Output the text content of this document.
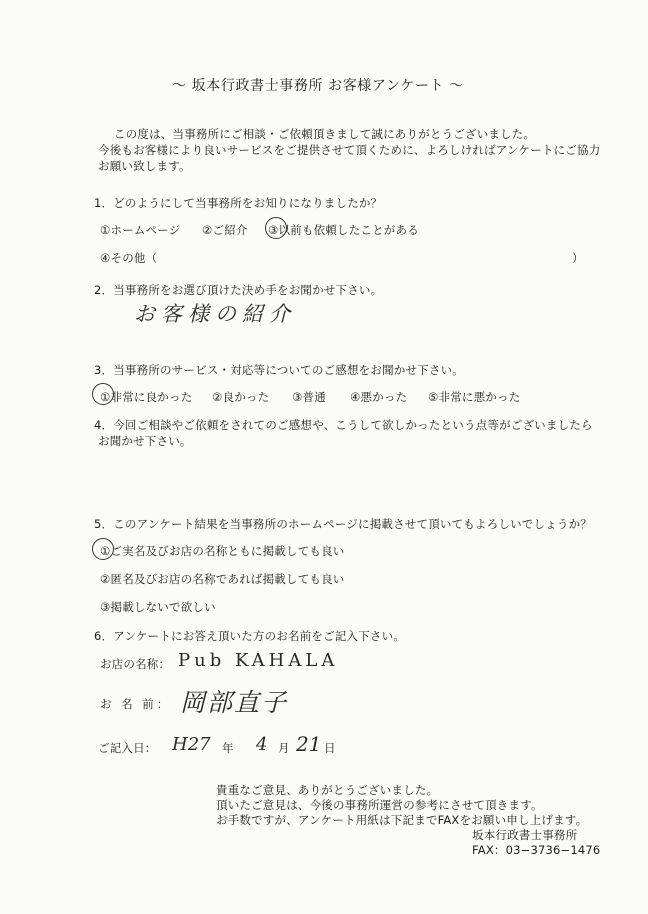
〜 坂本行政書士事務所 お客様アンケート 〜
この度は、当事務所にご相談・ご依頼頂きまして誠にありがとうございました。
今後もお客様により良いサービスをご提供させて頂くために、よろしければアンケートにご協力
お願い致します。
1．どのようにして当事務所をお知りになりましたか？
①ホームページ ②ご紹介 ③以前も依頼したことがある
④その他（	）
2．当事務所をお選び頂けた決め手をお聞かせ下さい。
お客様の紹介
3．当事務所のサービス・対応等についてのご感想をお聞かせ下さい。
①非常に良かった ②良かった ③普通 ④悪かった ⑤非常に悪かった
4．今回ご相談やご依頼をされてのご感想や、こうして欲しかったという点等がございましたら
お聞かせ下さい。
5．このアンケート結果を当事務所のホームページに掲載させて頂いてもよろしいでしょうか？
①ご実名及びお店の名称ともに掲載しても良い
②匿名及びお店の名称であれば掲載しても良い
③掲載しないで欲しい
6．アンケートにお答え頂いた方のお名前をご記入下さい。
お店の名称： Pub KAHALA
お 名 前： 岡部直子
ご記入日： H27 年 4 月 21 日
貴重なご意見、ありがとうございました。
頂いたご意見は、今後の事務所運営の参考にさせて頂きます。
お手数ですが、アンケート用紙は下記までFAXをお願い申し上げます。
坂本行政書士事務所
FAX：03−3736−1476
